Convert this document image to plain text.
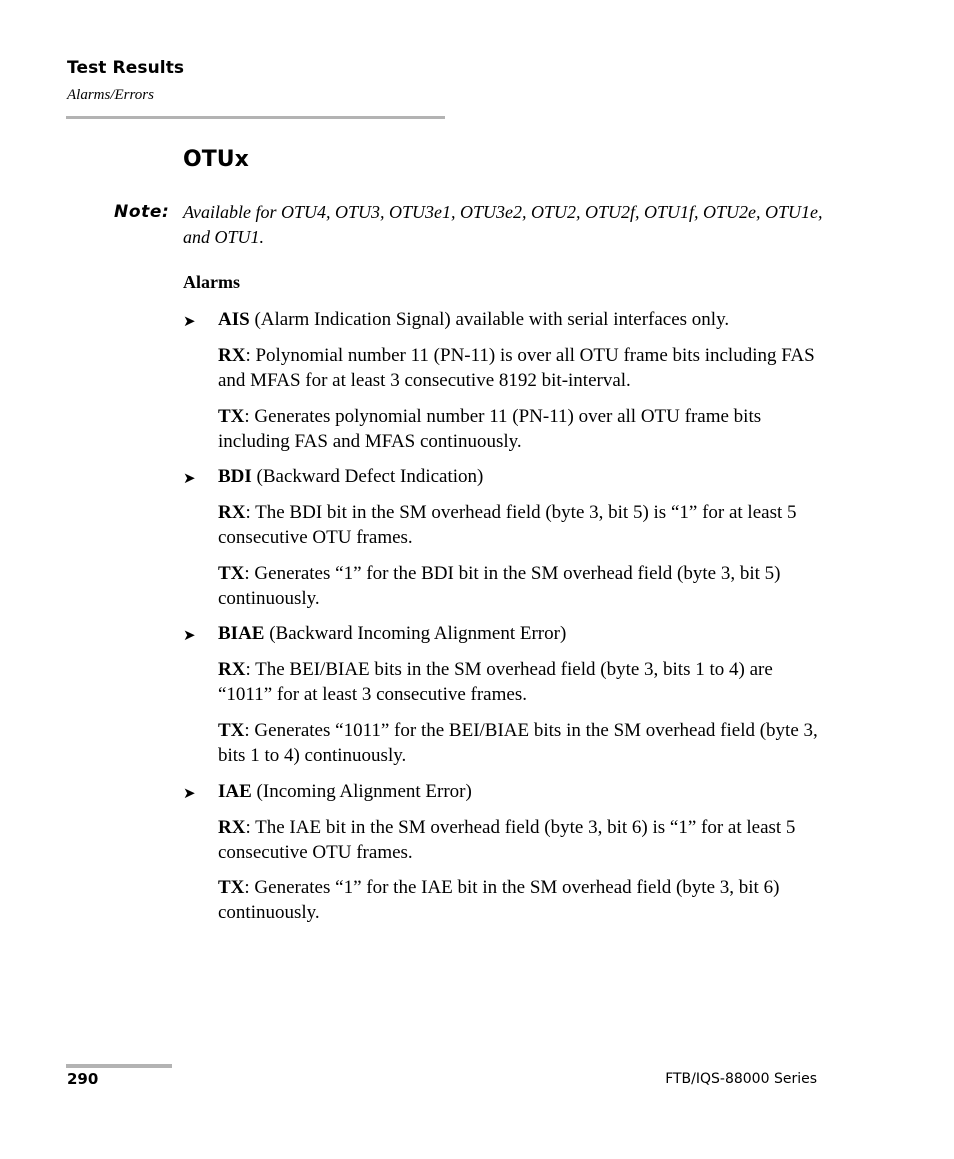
Test Results
Alarms/Errors
OTUx
Note: Available for OTU4, OTU3, OTU3e1, OTU3e2, OTU2, OTU2f, OTU1f, OTU2e, OTU1e, and OTU1.
Alarms
➤ AIS (Alarm Indication Signal) available with serial interfaces only.
RX: Polynomial number 11 (PN-11) is over all OTU frame bits including FAS and MFAS for at least 3 consecutive 8192 bit-interval.
TX: Generates polynomial number 11 (PN-11) over all OTU frame bits including FAS and MFAS continuously.
➤ BDI (Backward Defect Indication)
RX: The BDI bit in the SM overhead field (byte 3, bit 5) is “1” for at least 5 consecutive OTU frames.
TX: Generates “1” for the BDI bit in the SM overhead field (byte 3, bit 5) continuously.
➤ BIAE (Backward Incoming Alignment Error)
RX: The BEI/BIAE bits in the SM overhead field (byte 3, bits 1 to 4) are “1011” for at least 3 consecutive frames.
TX: Generates “1011” for the BEI/BIAE bits in the SM overhead field (byte 3, bits 1 to 4) continuously.
➤ IAE (Incoming Alignment Error)
RX: The IAE bit in the SM overhead field (byte 3, bit 6) is “1” for at least 5 consecutive OTU frames.
TX: Generates “1” for the IAE bit in the SM overhead field (byte 3, bit 6) continuously.
290	FTB/IQS-88000 Series
